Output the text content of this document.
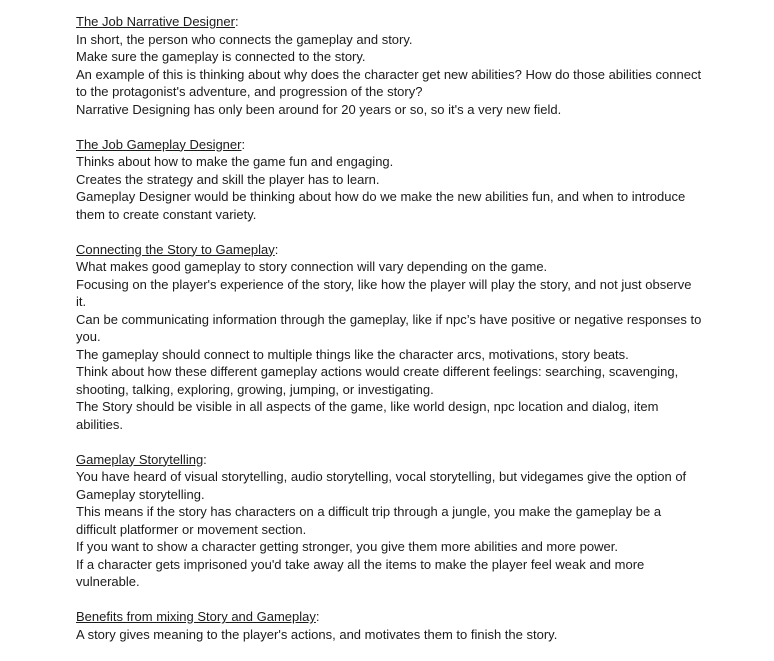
The Job Narrative Designer:

In short, the person who connects the gameplay and story.

Make sure the gameplay is connected to the story.

An example of this is thinking about why does the character get new abilities? How do those abilities connect to the protagonist's adventure, and progression of the story?

Narrative Designing has only been around for 20 years or so, so it's a very new field.

The Job Gameplay Designer:

Thinks about how to make the game fun and engaging.

Creates the strategy and skill the player has to learn.

Gameplay Designer would be thinking about how do we make the new abilities fun, and when to introduce them to create constant variety.

Connecting the Story to Gameplay:

What makes good gameplay to story connection will vary depending on the game.

Focusing on the player's experience of the story, like how the player will play the story, and not just observe it.

Can be communicating information through the gameplay, like if npc’s have positive or negative responses to you.

The gameplay should connect to multiple things like the character arcs, motivations, story beats.

Think about how these different gameplay actions would create different feelings: searching, scavenging, shooting, talking, exploring, growing, jumping, or investigating.

The Story should be visible in all aspects of the game, like world design, npc location and dialog, item abilities.

Gameplay Storytelling:

You have heard of visual storytelling, audio storytelling, vocal storytelling, but videgames give the option of Gameplay storytelling.

This means if the story has characters on a difficult trip through a jungle, you make the gameplay be a difficult platformer or movement section.

If you want to show a character getting stronger, you give them more abilities and more power.

If a character gets imprisoned you'd take away all the items to make the player feel weak and more vulnerable.

Benefits from mixing Story and Gameplay:

A story gives meaning to the player's actions, and motivates them to finish the story.
